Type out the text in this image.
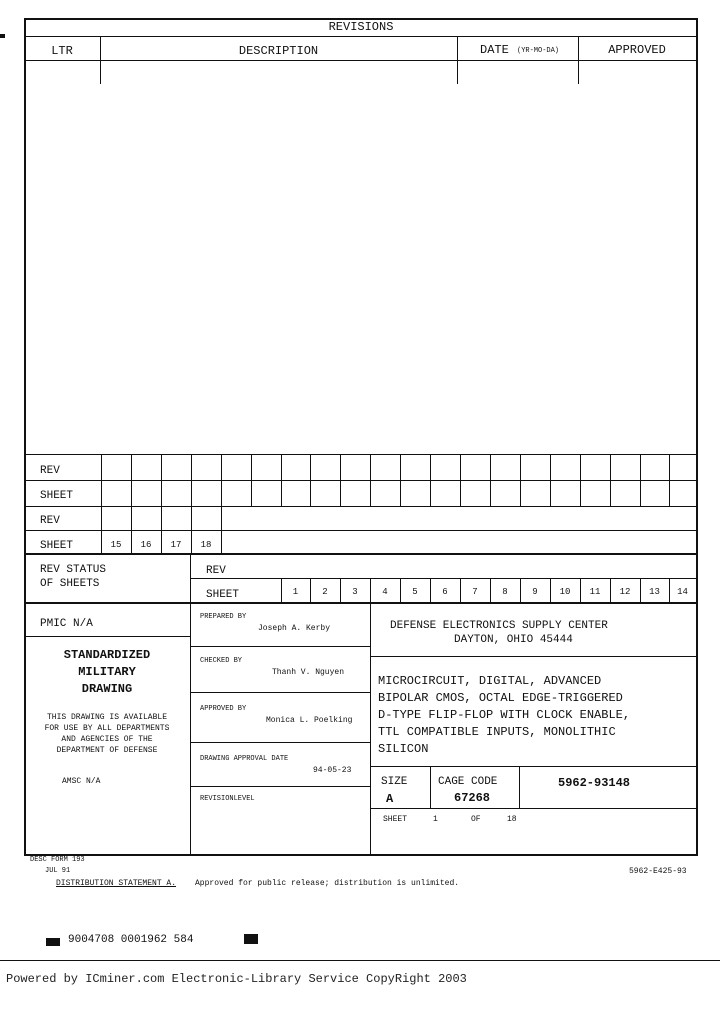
REVISIONS
LTR	DESCRIPTION	DATE (YR-MO-DA)	APPROVED
REV
SHEET
REV
SHEET	15	16	17	18
REV STATUS
OF SHEETS
REV
SHEET	1	2	3	4	5	6	7	8	9	10	11	12	13	14
PMIC N/A
STANDARDIZED
MILITARY
DRAWING
THIS DRAWING IS AVAILABLE
FOR USE BY ALL DEPARTMENTS
AND AGENCIES OF THE
DEPARTMENT OF DEFENSE
AMSC N/A
PREPARED BY
Joseph A. Kerby
CHECKED BY
Thanh V. Nguyen
APPROVED BY
Monica L. Poelking
DRAWING APPROVAL DATE
94-05-23
REVISIONLEVEL
DEFENSE ELECTRONICS SUPPLY CENTER
DAYTON, OHIO 45444
MICROCIRCUIT, DIGITAL, ADVANCED
BIPOLAR CMOS, OCTAL EDGE-TRIGGERED
D-TYPE FLIP-FLOP WITH CLOCK ENABLE,
TTL COMPATIBLE INPUTS, MONOLITHIC
SILICON
SIZE
A
CAGE CODE
67268
5962-93148
SHEET	1	OF	18
DESC FORM 193
JUL 91	5962-E425-93
DISTRIBUTION STATEMENT A. Approved for public release; distribution is unlimited.
9004708 0001962 584
Powered by ICminer.com Electronic-Library Service CopyRight 2003
